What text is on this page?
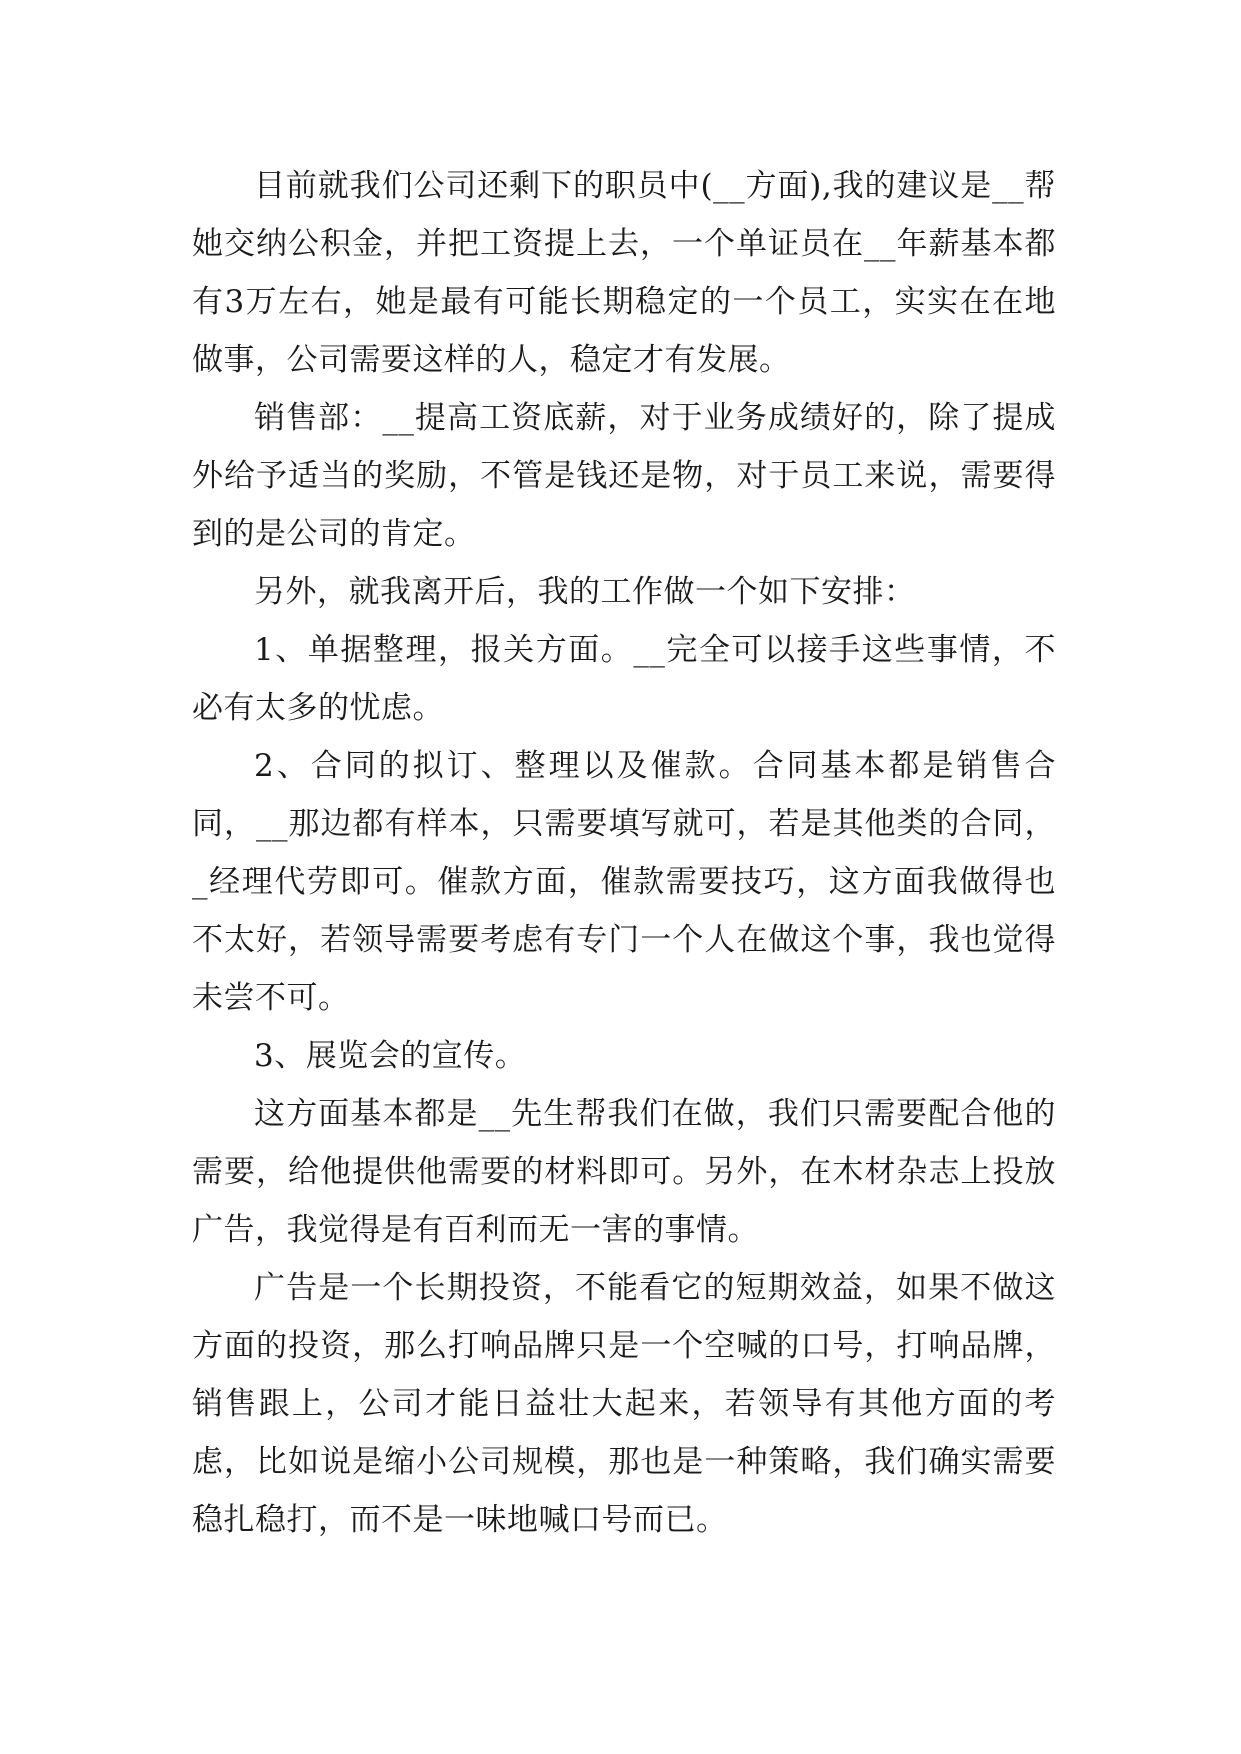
目前就我们公司还剩下的职员中(__方面),我的建议是__帮她交纳公积金，并把工资提上去，一个单证员在__年薪基本都有3万左右，她是最有可能长期稳定的一个员工，实实在在地做事，公司需要这样的人，稳定才有发展。

销售部：__提高工资底薪，对于业务成绩好的，除了提成外给予适当的奖励，不管是钱还是物，对于员工来说，需要得到的是公司的肯定。

另外，就我离开后，我的工作做一个如下安排：

1、单据整理，报关方面。__完全可以接手这些事情，不必有太多的忧虑。

2、合同的拟订、整理以及催款。合同基本都是销售合同，__那边都有样本，只需要填写就可，若是其他类的合同，_经理代劳即可。催款方面，催款需要技巧，这方面我做得也不太好，若领导需要考虑有专门一个人在做这个事，我也觉得未尝不可。

3、展览会的宣传。

这方面基本都是__先生帮我们在做，我们只需要配合他的需要，给他提供他需要的材料即可。另外，在木材杂志上投放广告，我觉得是有百利而无一害的事情。

广告是一个长期投资，不能看它的短期效益，如果不做这方面的投资，那么打响品牌只是一个空喊的口号，打响品牌，销售跟上，公司才能日益壮大起来，若领导有其他方面的考虑，比如说是缩小公司规模，那也是一种策略，我们确实需要稳扎稳打，而不是一味地喊口号而已。
